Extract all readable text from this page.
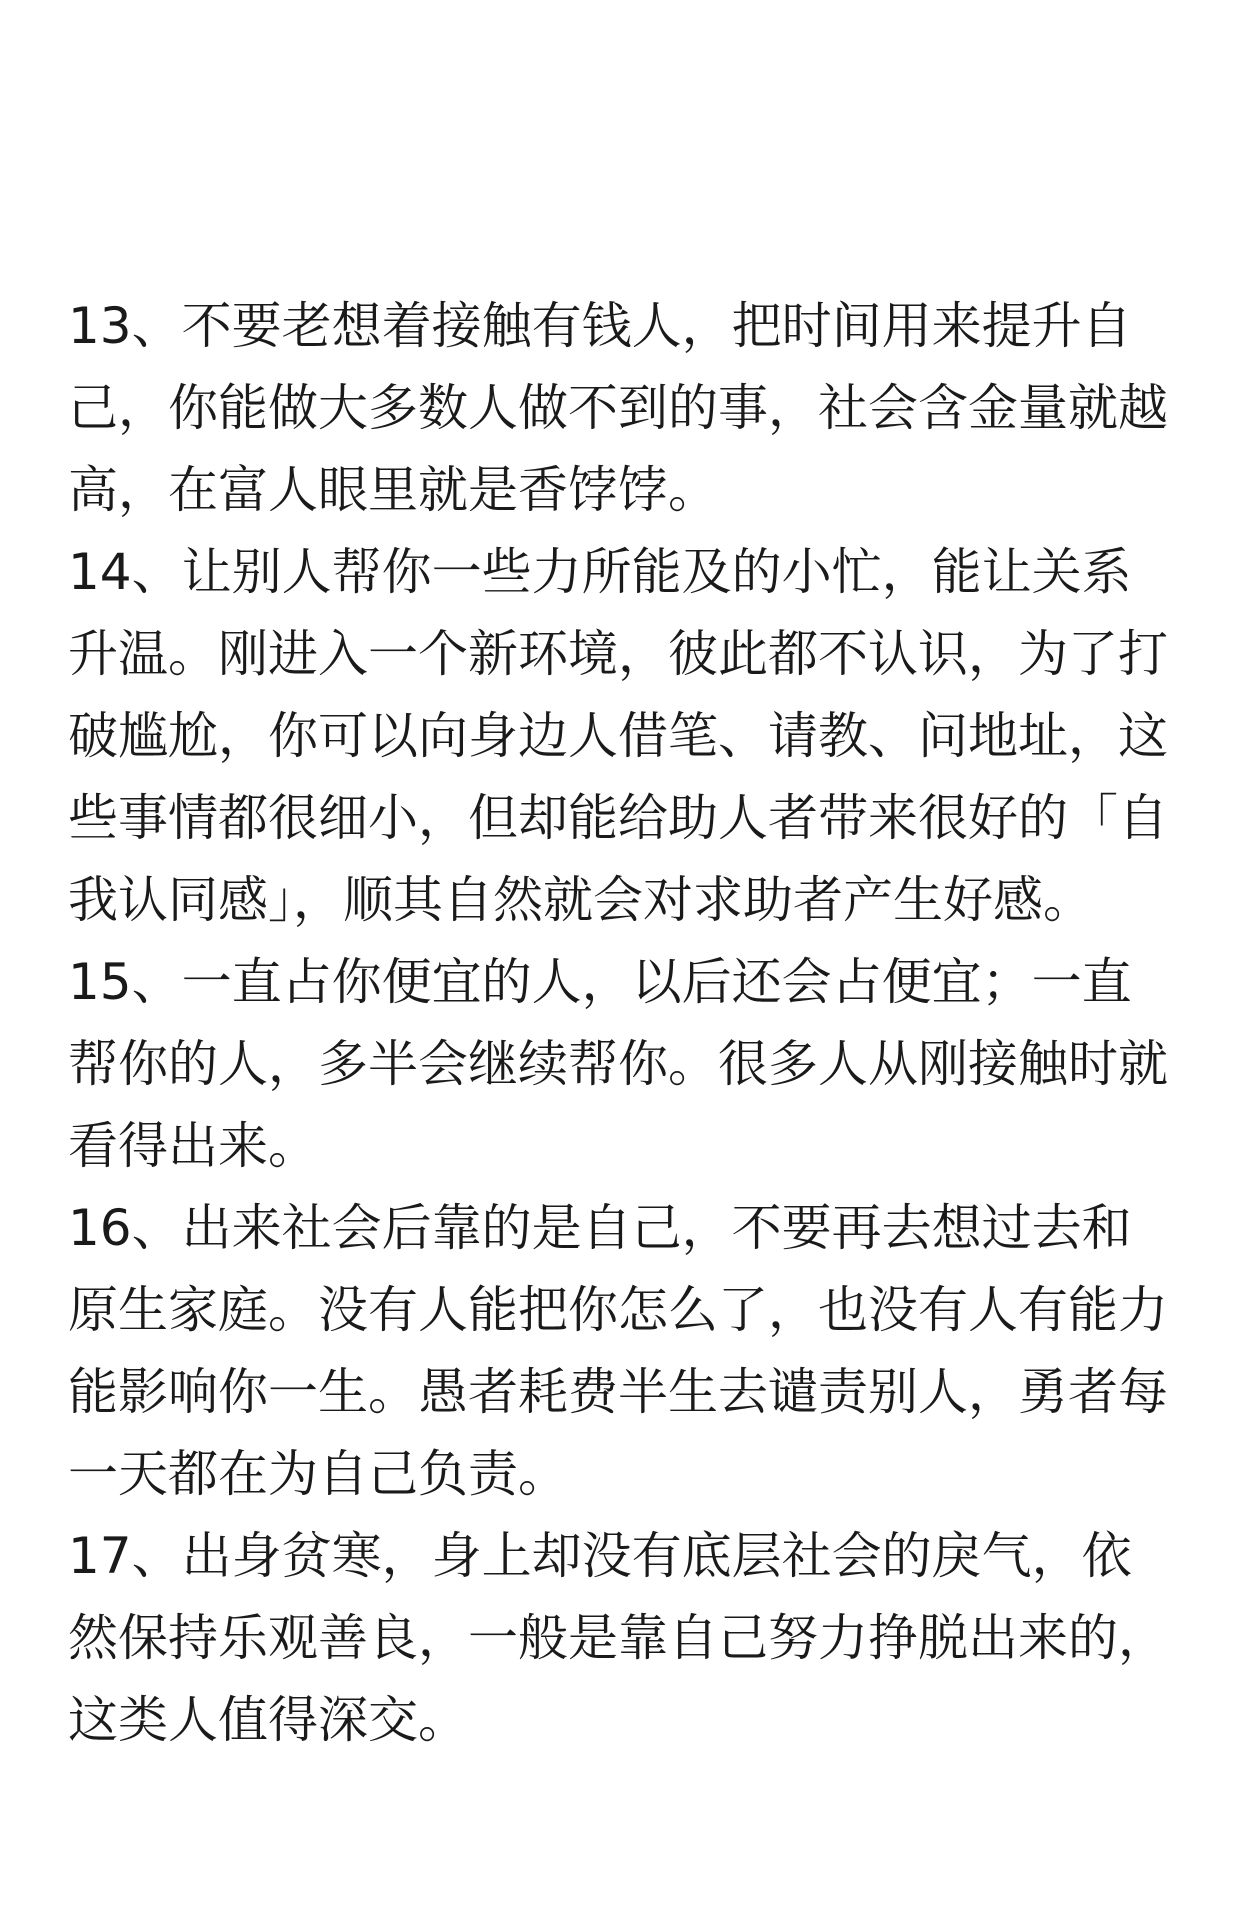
13、不要老想着接触有钱人，把时间用来提升自
己，你能做大多数人做不到的事，社会含金量就越
高，在富人眼里就是香饽饽。

14、让别人帮你一些力所能及的小忙，能让关系
升温。刚进入一个新环境，彼此都不认识，为了打
破尴尬，你可以向身边人借笔、请教、问地址，这
些事情都很细小，但却能给助人者带来很好的「自
我认同感」，顺其自然就会对求助者产生好感。

15、一直占你便宜的人，以后还会占便宜；一直
帮你的人，多半会继续帮你。很多人从刚接触时就
看得出来。

16、出来社会后靠的是自己，不要再去想过去和
原生家庭。没有人能把你怎么了，也没有人有能力
能影响你一生。愚者耗费半生去谴责别人，勇者每
一天都在为自己负责。

17、出身贫寒，身上却没有底层社会的戾气，依
然保持乐观善良，一般是靠自己努力挣脱出来的，
这类人值得深交。
